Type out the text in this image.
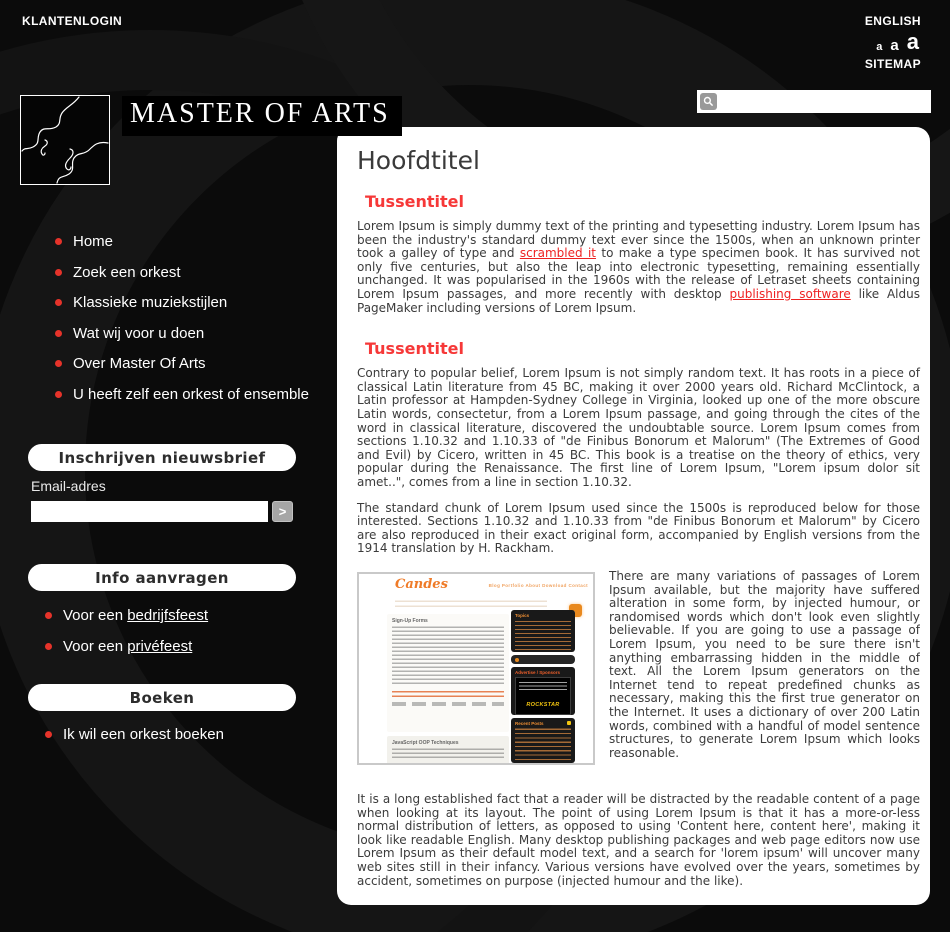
KLANTENLOGIN	ENGLISH
a a a
SITEMAP
MASTER OF ARTS
Home
Zoek een orkest
Klassieke muziekstijlen
Wat wij voor u doen
Over Master Of Arts
U heeft zelf een orkest of ensemble
Inschrijven nieuwsbrief
Email-adres
>
Info aanvragen
Voor een bedrijfsfeest
Voor een privéfeest
Boeken
Ik wil een orkest boeken
Hoofdtitel
Tussentitel

Lorem Ipsum is simply dummy text of the printing and typesetting industry. Lorem Ipsum has been the industry's standard dummy text ever since the 1500s, when an unknown printer took a galley of type and scrambled it to make a type specimen book. It has survived not only five centuries, but also the leap into electronic typesetting, remaining essentially unchanged. It was popularised in the 1960s with the release of Letraset sheets containing Lorem Ipsum passages, and more recently with desktop publishing software like Aldus PageMaker including versions of Lorem Ipsum.

Tussentitel

Contrary to popular belief, Lorem Ipsum is not simply random text. It has roots in a piece of classical Latin literature from 45 BC, making it over 2000 years old. Richard McClintock, a Latin professor at Hampden-Sydney College in Virginia, looked up one of the more obscure Latin words, consectetur, from a Lorem Ipsum passage, and going through the cites of the word in classical literature, discovered the undoubtable source. Lorem Ipsum comes from sections 1.10.32 and 1.10.33 of "de Finibus Bonorum et Malorum" (The Extremes of Good and Evil) by Cicero, written in 45 BC. This book is a treatise on the theory of ethics, very popular during the Renaissance. The first line of Lorem Ipsum, "Lorem ipsum dolor sit amet..", comes from a line in section 1.10.32.

The standard chunk of Lorem Ipsum used since the 1500s is reproduced below for those interested. Sections 1.10.32 and 1.10.33 from "de Finibus Bonorum et Malorum" by Cicero are also reproduced in their exact original form, accompanied by English versions from the 1914 translation by H. Rackham.

Candes	Blog Portfolio About Download Contact
Sign-Up Forms
JavaScript OOP Techniques
Topics
Advertise / Sponsors
ROCKSTAR
Recent Posts

There are many variations of passages of Lorem Ipsum available, but the majority have suffered alteration in some form, by injected humour, or randomised words which don't look even slightly believable. If you are going to use a passage of Lorem Ipsum, you need to be sure there isn't anything embarrassing hidden in the middle of text. All the Lorem Ipsum generators on the Internet tend to repeat predefined chunks as necessary, making this the first true generator on the Internet. It uses a dictionary of over 200 Latin words, combined with a handful of model sentence structures, to generate Lorem Ipsum which looks reasonable.

It is a long established fact that a reader will be distracted by the readable content of a page when looking at its layout. The point of using Lorem Ipsum is that it has a more-or-less normal distribution of letters, as opposed to using 'Content here, content here', making it look like readable English. Many desktop publishing packages and web page editors now use Lorem Ipsum as their default model text, and a search for 'lorem ipsum' will uncover many web sites still in their infancy. Various versions have evolved over the years, sometimes by accident, sometimes on purpose (injected humour and the like).
